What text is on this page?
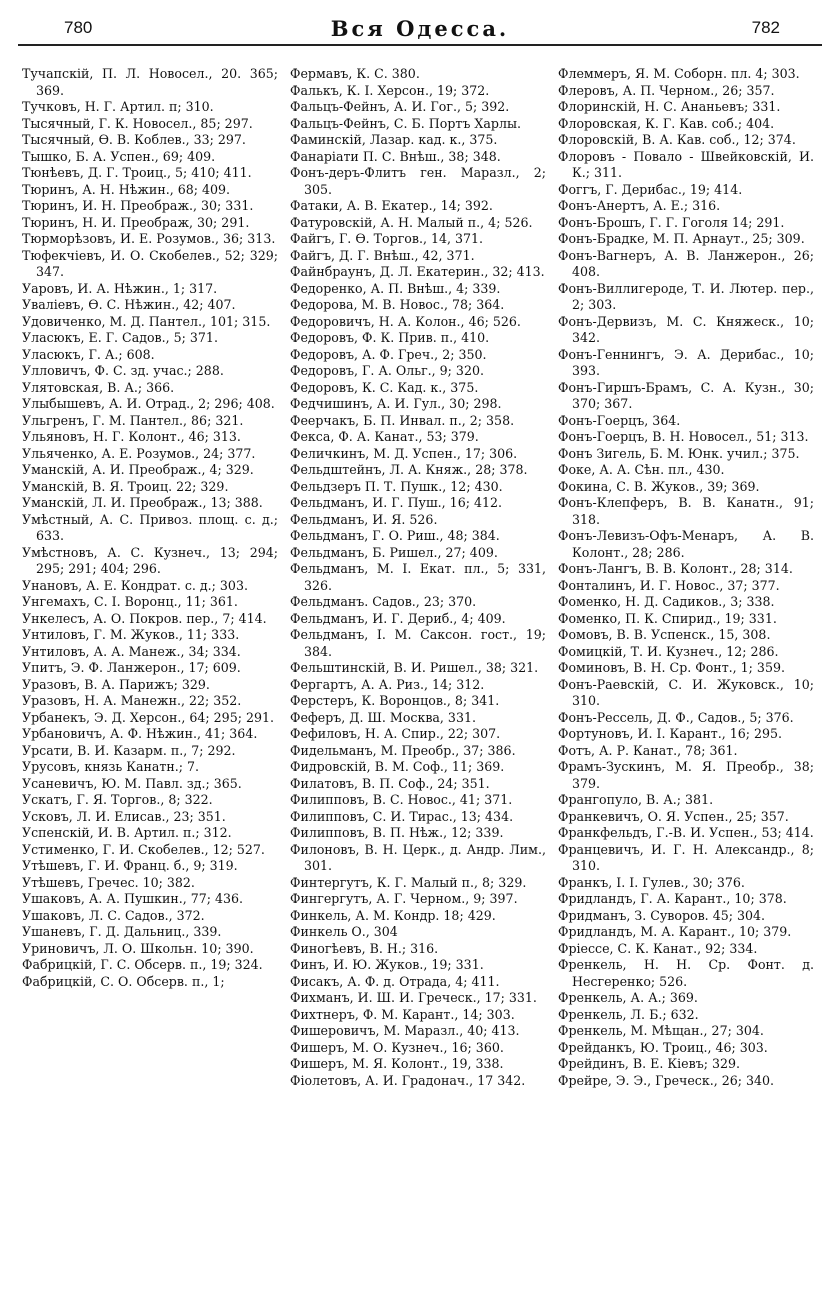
780	Вся Одесса.	782
Тучапскій, П. Л. Новосел., 20. 365; 369.
Тучковъ, Н. Г. Артил. п; 310.
Тысячный, Г. К. Новосел., 85; 297.
Тысячный, Ѳ. В. Коблев., 33; 297.
Тышко, Б. А. Успен., 69; 409.
Тюнѣевъ, Д. Г. Троиц., 5; 410; 411.
Тюринъ, А. Н. Нѣжин., 68; 409.
Тюринъ, И. Н. Преображ., 30; 331.
Тюринъ, Н. И. Преображ, 30; 291.
Тюрморѣзовъ, И. Е. Розумов., 36; 313.
Тюфекчіевъ, И. О. Скобелев., 52; 329; 347.
Уаровъ, И. А. Нѣжин., 1; 317.
Уваліевъ, Ѳ. С. Нѣжин., 42; 407.
Удовиченко, М. Д. Пантел., 101; 315.
Уласюкъ, Е. Г. Садов., 5; 371.
Уласюкъ, Г. А.; 608.
Улловичъ, Ф. С. зд. учас.; 288.
Улятовская, В. А.; 366.
Улыбышевъ, А. И. Отрад., 2; 296; 408.
Ульгренъ, Г. М. Пантел., 86; 321.
Ульяновъ, Н. Г. Колонт., 46; 313.
Ульяченко, А. Е. Розумов., 24; 377.
Уманскій, А. И. Преображ., 4; 329.
Уманскій, В. Я. Троиц. 22; 329.
Уманскій, Л. И. Преображ., 13; 388.
Умѣстный, А. С. Привоз. площ. с. д.; 633.
Умѣстновъ, А. С. Кузнеч., 13; 294; 295; 291; 404; 296.
Унановъ, А. Е. Кондрат. с. д.; 303.
Унгемахъ, С. І. Воронц., 11; 361.
Ункелесъ, А. О. Покров. пер., 7; 414.
Унтиловъ, Г. М. Жуков., 11; 333.
Унтиловъ, А. А. Манеж., 34; 334.
Упитъ, Э. Ф. Ланжерон., 17; 609.
Уразовъ, В. А. Парижъ; 329.
Уразовъ, Н. А. Манежн., 22; 352.
Урбанекъ, Э. Д. Херсон., 64; 295; 291.
Урбановичъ, А. Ф. Нѣжин., 41; 364.
Урсати, В. И. Казарм. п., 7; 292.
Урусовъ, князь Канатн.; 7.
Усаневичъ, Ю. М. Павл. зд.; 365.
Ускатъ, Г. Я. Торгов., 8; 322.
Усковъ, Л. И. Елисав., 23; 351.
Успенскій, И. В. Артил. п.; 312.
Устименко, Г. И. Скобелев., 12; 527.
Утѣшевъ, Г. И. Франц. б., 9; 319.
Утѣшевъ, Гречес. 10; 382.
Ушаковъ, А. А. Пушкин., 77; 436.
Ушаковъ, Л. С. Садов., 372.
Ушаневъ, Г. Д. Дальниц., 339.
Уриновичъ, Л. О. Школьн. 10; 390.
Фабрицкій, Г. С. Обсерв. п., 19; 324.
Фабрицкій, С. О. Обсерв. п., 1;
Фермавъ, К. С. 380.
Фалькъ, К. І. Херсон., 19; 372.
Фальцъ-Фейнъ, А. И. Гог., 5; 392.
Фальцъ-Фейнъ, С. Б. Портъ Харлы.
Фаминскій, Лазар. кад. к., 375.
Фанаріати П. С. Внѣш., 38; 348.
Фонъ-деръ-Флитъ ген. Маразл., 2; 305.
Фатаки, А. В. Екатер., 14; 392.
Фатуровскій, А. Н. Малый п., 4; 526.
Файгъ, Г. Ѳ. Торгов., 14, 371.
Файгъ, Д. Г. Внѣш., 42, 371.
Файнбраунъ, Д. Л. Екатерин., 32; 413.
Федоренко, А. П. Внѣш., 4; 339.
Федорова, М. В. Новос., 78; 364.
Федоровичъ, Н. А. Колон., 46; 526.
Федоровъ, Ф. К. Прив. п., 410.
Федоровъ, А. Ф. Греч., 2; 350.
Федоровъ, Г. А. Ольг., 9; 320.
Федоровъ, К. С. Кад. к., 375.
Федчишинъ, А. И. Гул., 30; 298.
Феерчакъ, Б. П. Инвал. п., 2; 358.
Фекса, Ф. А. Канат., 53; 379.
Феличкинъ, М. Д. Успен., 17; 306.
Фельдштейнъ, Л. А. Княж., 28; 378.
Фельдзеръ П. Т. Пушк., 12; 430.
Фельдманъ, И. Г. Пуш., 16; 412.
Фельдманъ, И. Я. 526.
Фельдманъ, Г. О. Риш., 48; 384.
Фельдманъ, Б. Ришел., 27; 409.
Фельдманъ, М. І. Екат. пл., 5; 331, 326.
Фельдманъ. Садов., 23; 370.
Фельдманъ, И. Г. Дериб., 4; 409.
Фельдманъ, І. М. Саксон. гост., 19; 384.
Фельштинскій, В. И. Ришел., 38; 321.
Фергартъ, А. А. Риз., 14; 312.
Ферстеръ, К. Воронцов., 8; 341.
Феферъ, Д. Ш. Москва, 331.
Фефиловъ, Н. А. Спир., 22; 307.
Фидельманъ, М. Преобр., 37; 386.
Фидровскій, В. М. Соф., 11; 369.
Филатовъ, В. П. Соф., 24; 351.
Филипповъ, В. С. Новос., 41; 371.
Филипповъ, С. И. Тирас., 13; 434.
Филипповъ, В. П. Нѣж., 12; 339.
Филоновъ, В. Н. Церк., д. Андр. Лим., 301.
Финтергутъ, К. Г. Малый п., 8; 329.
Фингергутъ, А. Г. Черном., 9; 397.
Финкель, А. М. Кондр. 18; 429.
Финкель О., 304
Финогѣевъ, В. Н.; 316.
Финъ, И. Ю. Жуков., 19; 331.
Фисакъ, А. Ф. д. Отрада, 4; 411.
Фихманъ, И. Ш. И. Греческ., 17; 331.
Фихтнеръ, Ф. М. Карант., 14; 303.
Фишеровичъ, М. Маразл., 40; 413.
Фишеръ, М. О. Кузнеч., 16; 360.
Фишеръ, М. Я. Колонт., 19, 338.
Фіолетовъ, А. И. Градонач., 17 342.
Флеммеръ, Я. М. Соборн. пл. 4; 303.
Флеровъ, А. П. Черном., 26; 357.
Флоринскій, Н. С. Ананьевъ; 331.
Флоровская, К. Г. Кав. соб.; 404.
Флоровскій, В. А. Кав. соб., 12; 374.
Флоровъ - Повало - Швейковскій, И. К.; 311.
Фоггъ, Г. Дерибас., 19; 414.
Фонъ-Анертъ, А. Е.; 316.
Фонъ-Брошъ, Г. Г. Гоголя 14; 291.
Фонъ-Брадке, М. П. Арнаут., 25; 309.
Фонъ-Вагнеръ, А. В. Ланжерон., 26; 408.
Фонъ-Виллигероде, Т. И. Лютер. пер., 2; 303.
Фонъ-Дервизъ, М. С. Княжеск., 10; 342.
Фонъ-Геннингъ, Э. А. Дерибас., 10; 393.
Фонъ-Гиршъ-Брамъ, С. А. Кузн., 30; 370; 367.
Фонъ-Гоерцъ, 364.
Фонъ-Гоерцъ, В. Н. Новосел., 51; 313.
Фонъ Зигель, Б. М. Юнк. учил.; 375.
Фоке, А. А. Сѣн. пл., 430.
Фокина, С. В. Жуков., 39; 369.
Фонъ-Клепферъ, В. В. Канатн., 91; 318.
Фонъ-Левизъ-Офъ-Менаръ, А. В. Колонт., 28; 286.
Фонъ-Лангъ, В. В. Колонт., 28; 314.
Фонталинъ, И. Г. Новос., 37; 377.
Фоменко, Н. Д. Садиков., 3; 338.
Фоменко, П. К. Спирид., 19; 331.
Фомовъ, В. В. Успенск., 15, 308.
Фомицкій, Т. И. Кузнеч., 12; 286.
Фоминовъ, В. Н. Ср. Фонт., 1; 359.
Фонъ-Раевскій, С. И. Жуковск., 10; 310.
Фонъ-Рессель, Д. Ф., Садов., 5; 376.
Фортуновъ, И. І. Карант., 16; 295.
Фотъ, А. Р. Канат., 78; 361.
Фрамъ-Зускинъ, М. Я. Преобр., 38; 379.
Франгопуло, В. А.; 381.
Франкевичъ, О. Я. Успен., 25; 357.
Франкфельдъ, Г.-В. И. Успен., 53; 414.
Францевичъ, И. Г. Н. Александр., 8; 310.
Франкъ, І. І. Гулев., 30; 376.
Фридландъ, Г. А. Карант., 10; 378.
Фридманъ, З. Суворов. 45; 304.
Фридландъ, М. А. Карант., 10; 379.
Фріессе, С. К. Канат., 92; 334.
Френкель, Н. Н. Ср. Фонт. д. Несгеренко; 526.
Френкель, А. А.; 369.
Френкель, Л. Б.; 632.
Френкель, М. Мѣщан., 27; 304.
Фрейданкъ, Ю. Троиц., 46; 303.
Фрейдинъ, В. Е. Кіевъ; 329.
Фрейре, Э. Э., Греческ., 26; 340.
